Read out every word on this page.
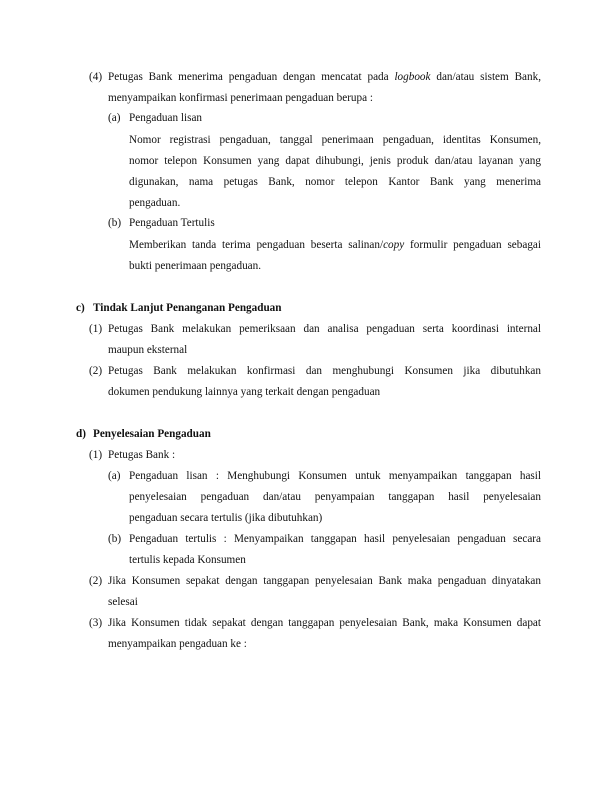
(4) Petugas Bank menerima pengaduan dengan mencatat pada logbook dan/atau sistem Bank,
menyampaikan konfirmasi penerimaan pengaduan berupa :
(a) Pengaduan lisan
Nomor registrasi pengaduan, tanggal penerimaan pengaduan, identitas Konsumen,
nomor telepon Konsumen yang dapat dihubungi, jenis produk dan/atau layanan yang
digunakan, nama petugas Bank, nomor telepon Kantor Bank yang menerima
pengaduan.
(b) Pengaduan Tertulis
Memberikan tanda terima pengaduan beserta salinan/copy formulir pengaduan sebagai
bukti penerimaan pengaduan.
c) Tindak Lanjut Penanganan Pengaduan
(1) Petugas Bank melakukan pemeriksaan dan analisa pengaduan serta koordinasi internal
maupun eksternal
(2) Petugas Bank melakukan konfirmasi dan menghubungi Konsumen jika dibutuhkan
dokumen pendukung lainnya yang terkait dengan pengaduan
d) Penyelesaian Pengaduan
(1) Petugas Bank :
(a) Pengaduan lisan : Menghubungi Konsumen untuk menyampaikan tanggapan hasil
penyelesaian pengaduan dan/atau penyampaian tanggapan hasil penyelesaian
pengaduan secara tertulis (jika dibutuhkan)
(b) Pengaduan tertulis : Menyampaikan tanggapan hasil penyelesaian pengaduan secara
tertulis kepada Konsumen
(2) Jika Konsumen sepakat dengan tanggapan penyelesaian Bank maka pengaduan dinyatakan
selesai
(3) Jika Konsumen tidak sepakat dengan tanggapan penyelesaian Bank, maka Konsumen dapat
menyampaikan pengaduan ke :
